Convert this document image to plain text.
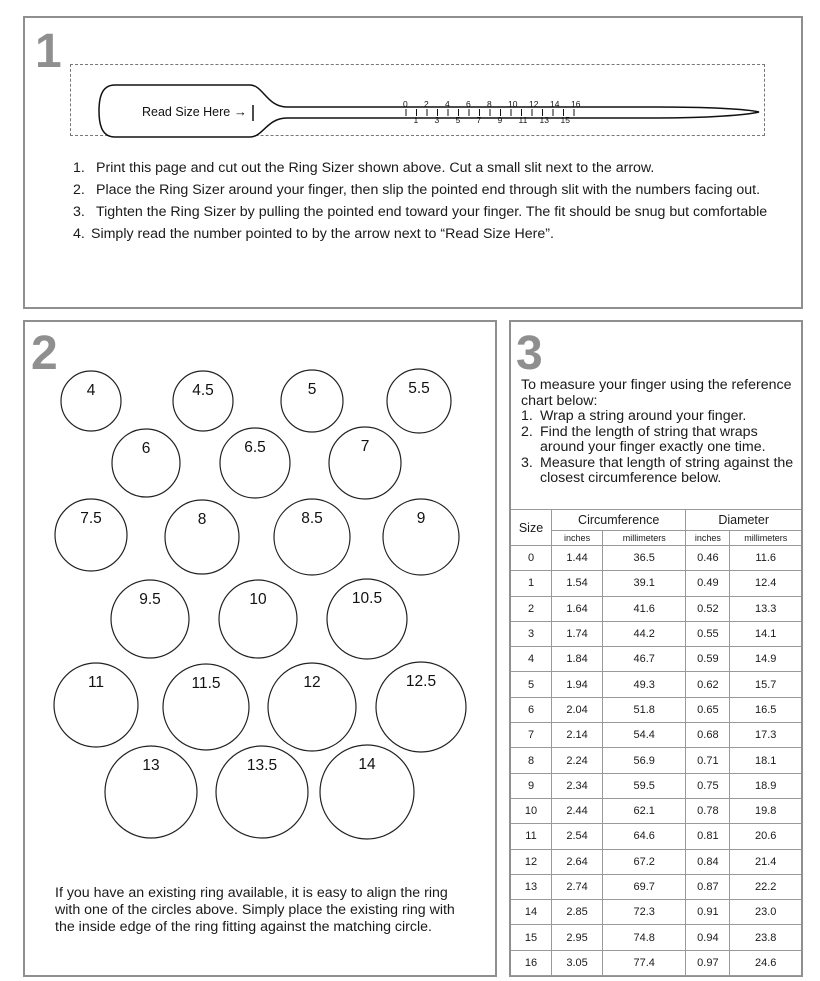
1
Read Size Here →	0
1
2
3
4
5
6
7
8
9
10
11
12
13
14
15
16
1. Print this page and cut out the Ring Sizer shown above. Cut a small slit next to the arrow.
2. Place the Ring Sizer around your finger, then slip the pointed end through slit with the numbers facing out.
3. Tighten the Ring Sizer by pulling the pointed end toward your finger. The fit should be snug but comfortable
4. Simply read the number pointed to by the arrow next to “Read Size Here”.
2
4	4.5	5	5.5
6	6.5	7
7.5	8	8.5	9
9.5	10	10.5
11	11.5	12	12.5
13	13.5	14
If you have an existing ring available, it is easy to align the ring with one of the circles above. Simply place the existing ring with the inside edge of the ring fitting against the matching circle.
3
To measure your finger using the reference chart below:
1. Wrap a string around your finger.
2. Find the length of string that wraps around your finger exactly one time.
3. Measure that length of string against the closest circumference below.
Size	Circumference		Diameter	
	inches	millimeters	inches	millimeters
0	1.44	36.5	0.46	11.6
1	1.54	39.1	0.49	12.4
2	1.64	41.6	0.52	13.3
3	1.74	44.2	0.55	14.1
4	1.84	46.7	0.59	14.9
5	1.94	49.3	0.62	15.7
6	2.04	51.8	0.65	16.5
7	2.14	54.4	0.68	17.3
8	2.24	56.9	0.71	18.1
9	2.34	59.5	0.75	18.9
10	2.44	62.1	0.78	19.8
11	2.54	64.6	0.81	20.6
12	2.64	67.2	0.84	21.4
13	2.74	69.7	0.87	22.2
14	2.85	72.3	0.91	23.0
15	2.95	74.8	0.94	23.8
16	3.05	77.4	0.97	24.6
